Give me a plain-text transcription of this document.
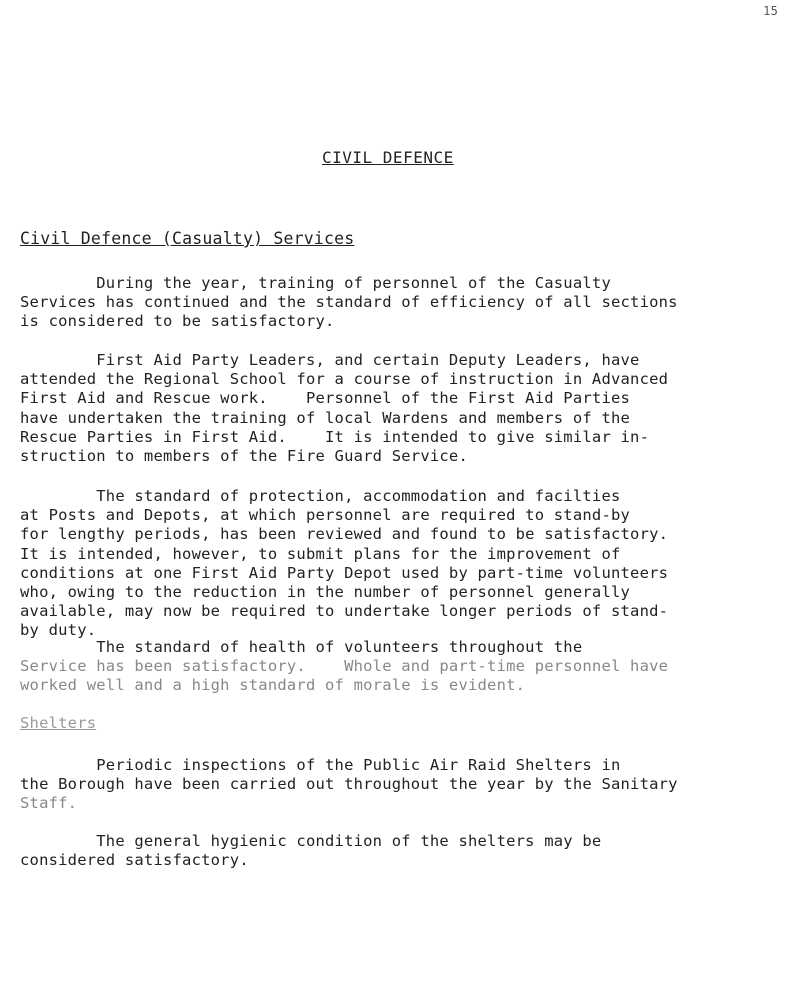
15
CIVIL DEFENCE
Civil Defence (Casualty) Services
During the year, training of personnel of the Casualty
Services has continued and the standard of efficiency of all sections
is considered to be satisfactory.
First Aid Party Leaders, and certain Deputy Leaders, have
attended the Regional School for a course of instruction in Advanced
First Aid and Rescue work.    Personnel of the First Aid Parties
have undertaken the training of local Wardens and members of the
Rescue Parties in First Aid.    It is intended to give similar in-
struction to members of the Fire Guard Service.
The standard of protection, accommodation and facilties
at Posts and Depots, at which personnel are required to stand-by
for lengthy periods, has been reviewed and found to be satisfactory.
It is intended, however, to submit plans for the improvement of
conditions at one First Aid Party Depot used by part-time volunteers
who, owing to the reduction in the number of personnel generally
available, may now be required to undertake longer periods of stand-
by duty.
The standard of health of volunteers throughout the
Service has been satisfactory.    Whole and part-time personnel have
worked well and a high standard of morale is evident.
Shelters
Periodic inspections of the Public Air Raid Shelters in
the Borough have been carried out throughout the year by the Sanitary
Staff.
The general hygienic condition of the shelters may be
considered satisfactory.
